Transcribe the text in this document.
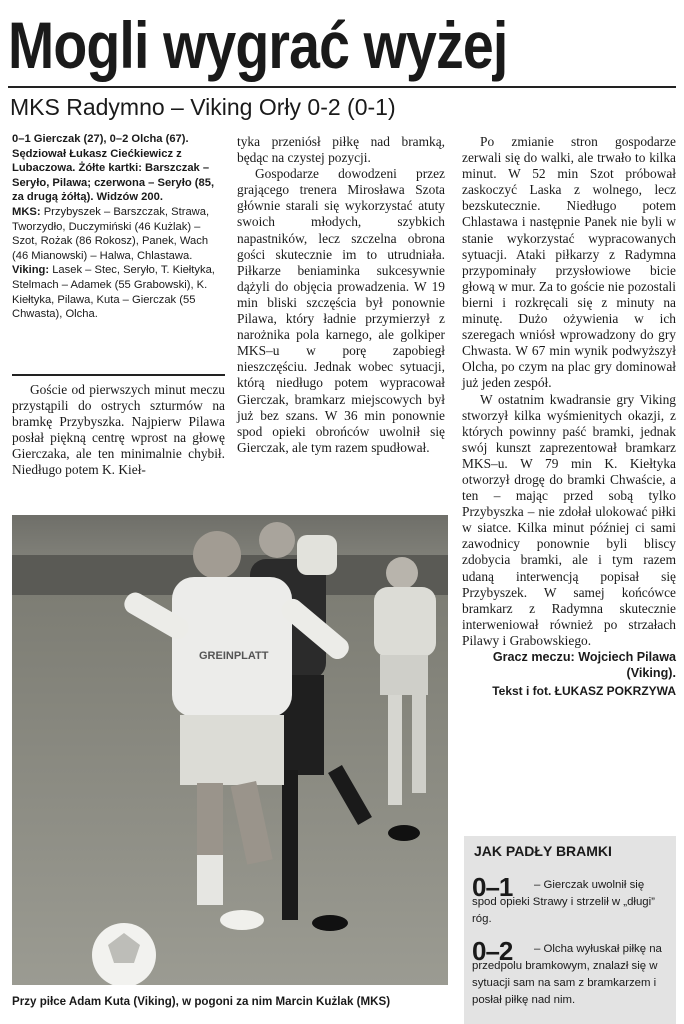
Mogli wygrać wyżej
MKS Radymno – Viking Orły 0-2 (0-1)
0–1 Gierczak (27), 0–2 Olcha (67).
Sędziował Łukasz Ciećkiewicz z Lubaczowa. Żółte kartki: Barszczak – Seryło, Pilawa; czerwona – Seryło (85, za drugą żółtą). Widzów 200.
MKS: Przybyszek – Barszczak, Strawa, Tworzydło, Duczymiński (46 Kużlak) – Szot, Rożak (86 Rokosz), Panek, Wach (46 Mianowski) – Halwa, Chlastawa.
Viking: Lasek – Stec, Seryło, T. Kiełtyka, Stelmach – Adamek (55 Grabowski), K. Kiełtyka, Pilawa, Kuta – Gierczak (55 Chwasta), Olcha.

Goście od pierwszych minut meczu przystąpili do ostrych szturmów na bramkę Przybyszka. Najpierw Pilawa posłał piękną centrę wprost na głowę Gierczaka, ale ten minimalnie chybił. Niedługo potem K. Kieł-

tyka przeniósł piłkę nad bramką, będąc na czystej pozycji.

Gospodarze dowodzeni przez grającego trenera Mirosława Szota głównie starali się wykorzystać atuty swoich młodych, szybkich napastników, lecz szczelna obrona gości skutecznie im to utrudniała. Piłkarze beniaminka sukcesywnie dążyli do objęcia prowadzenia. W 19 min bliski szczęścia był ponownie Pilawa, który ładnie przymierzył z narożnika pola karnego, ale golkiper MKS–u w porę zapobiegł nieszczęściu. Jednak wobec sytuacji, którą niedługo potem wypracował Gierczak, bramkarz miejscowych był już bez szans. W 36 min ponownie spod opieki obrońców uwolnił się Gierczak, ale tym razem spudłował.

Po zmianie stron gospodarze zerwali się do walki, ale trwało to kilka minut. W 52 min Szot próbował zaskoczyć Laska z wolnego, lecz bezskutecznie. Niedługo potem Chlastawa i następnie Panek nie byli w stanie wykorzystać wypracowanych sytuacji. Ataki piłkarzy z Radymna przypominały przysłowiowe bicie głową w mur. Za to goście nie pozostali bierni i rozkręcali się z minuty na minutę. Dużo ożywienia w ich szeregach wniósł wprowadzony do gry Chwasta. W 67 min wynik podwyższył Olcha, po czym na plac gry dominował już jeden zespół.

W ostatnim kwadransie gry Viking stworzył kilka wyśmienitych okazji, z których powinny paść bramki, jednak swój kunszt zaprezentował bramkarz MKS–u. W 79 min K. Kiełtyka otworzył drogę do bramki Chwaście, a ten – mając przed sobą tylko Przybyszka – nie zdołał ulokować piłki w siatce. Kilka minut później ci sami zawodnicy ponownie byli bliscy zdobycia bramki, ale i tym razem udaną interwencją popisał się Przybyszek. W samej końcówce bramkarz z Radymna skutecznie interweniował również po strzałach Pilawy i Grabowskiego.

Gracz meczu: Wojciech Pilawa (Viking).

Tekst i fot. ŁUKASZ POKRZYWA

GREINPLATT
Przy piłce Adam Kuta (Viking), w pogoni za nim Marcin Kużlak (MKS)
JAK PADŁY BRAMKI
– Gierczak uwolnił się spod opieki Strawy i strzelił w „długi” róg.
0–1
– Olcha wyłuskał piłkę na przedpolu bramkowym, znalazł się w sytuacji sam na sam z bramkarzem i posłał piłkę nad nim.
0–2
